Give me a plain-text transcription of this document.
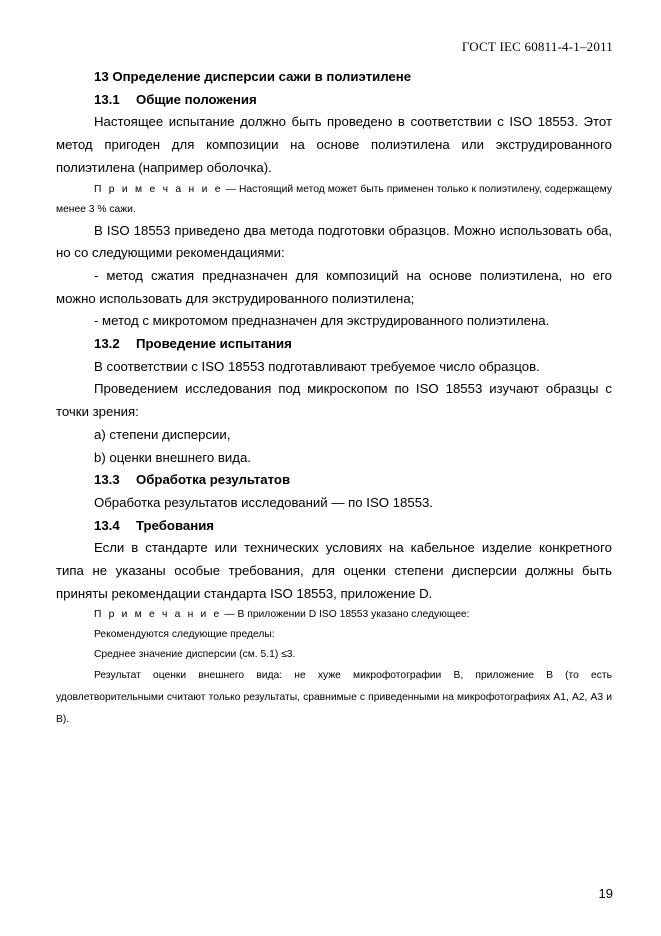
ГОСТ IEC 60811-4-1–2011

13 Определение дисперсии сажи в полиэтилене

13.1 Общие положения

Настоящее испытание должно быть проведено в соответствии с ISO 18553. Этот метод пригоден для композиции на основе полиэтилена или экструдированного полиэтилена (например оболочка).

П р и м е ч а н и е — Настоящий метод может быть применен только к полиэтилену, содержащему менее 3 % сажи.

В ISO 18553 приведено два метода подготовки образцов. Можно использовать оба, но со следующими рекомендациями:

- метод сжатия предназначен для композиций на основе полиэтилена, но его можно использовать для экструдированного полиэтилена;

- метод с микротомом предназначен для экструдированного полиэтилена.

13.2 Проведение испытания

В соответствии с ISO 18553 подготавливают требуемое число образцов.

Проведением исследования под микроскопом по ISO 18553 изучают образцы с точки зрения:

а) степени дисперсии,

b) оценки внешнего вида.

13.3 Обработка результатов

Обработка результатов исследований — по ISO 18553.

13.4 Требования

Если в стандарте или технических условиях на кабельное изделие конкретного типа не указаны особые требования, для оценки степени дисперсии должны быть приняты рекомендации стандарта ISO 18553, приложение D.

П р и м е ч а н и е — В приложении D ISO 18553 указано следующее:

Рекомендуются следующие пределы:

Среднее значение дисперсии (см. 5.1) ≤3.

Результат оценки внешнего вида: не хуже микрофотографии В, приложение В (то есть удовлетворительными считают только результаты, сравнимые с приведенными на микрофотографиях А1, А2, А3 и В).

19
